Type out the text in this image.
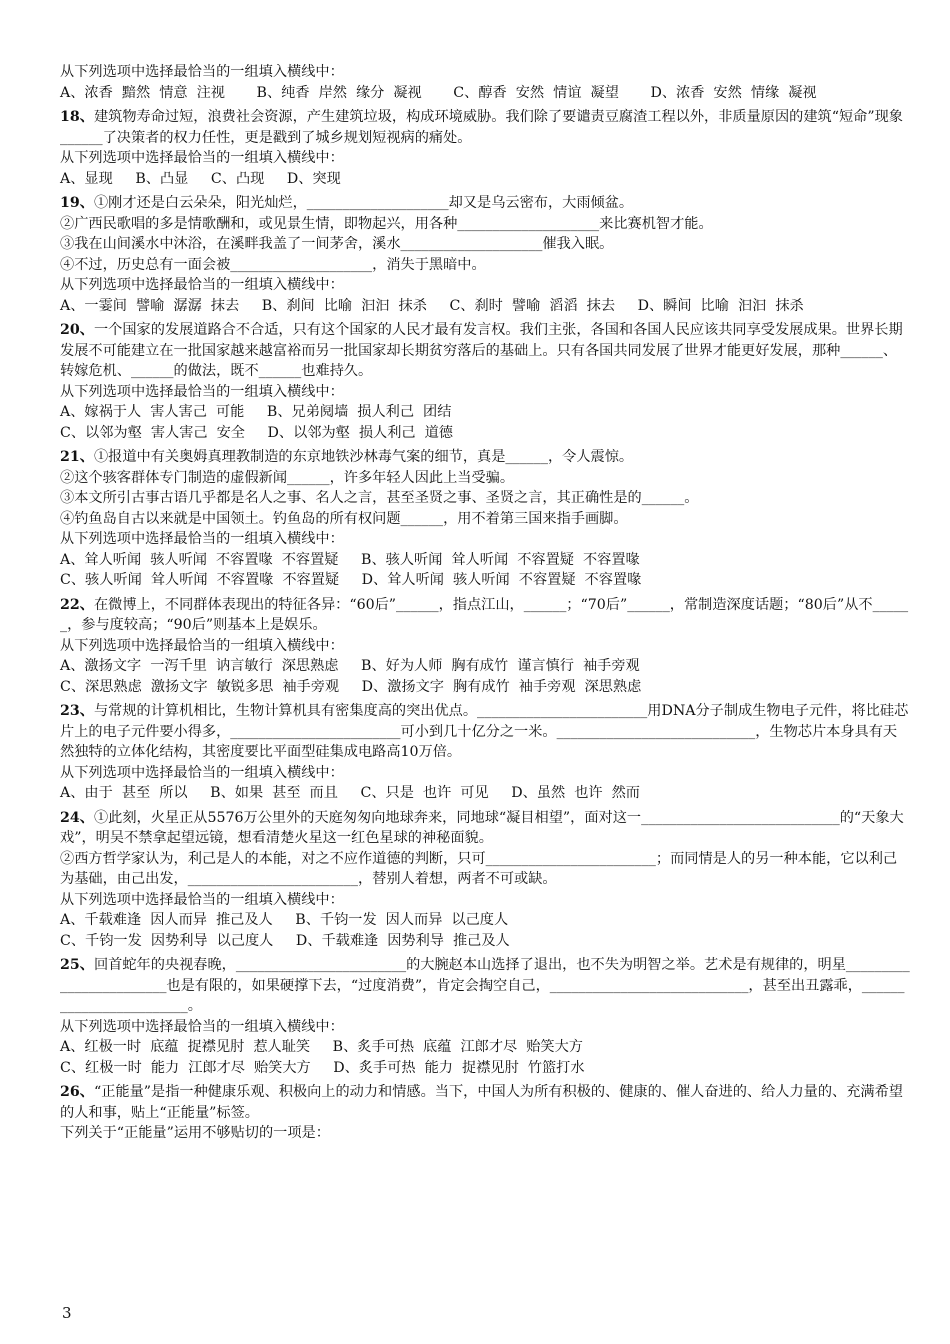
从下列选项中选择最恰当的一组填入横线中：

A、浓香  黯然  情意  注视       B、纯香  岸然  缘分  凝视       C、醇香  安然  情谊  凝望       D、浓香  安然  情缘  凝视

18、建筑物寿命过短，浪费社会资源，产生建筑垃圾，构成环境威胁。我们除了要谴责豆腐渣工程以外，非质量原因的建筑“短命”现象______了决策者的权力任性，更是戳到了城乡规划短视病的痛处。

从下列选项中选择最恰当的一组填入横线中：

A、显现     B、凸显     C、凸现     D、突现

19、①刚才还是白云朵朵，阳光灿烂，____________________却又是乌云密布，大雨倾盆。

②广西民歌唱的多是情歌酬和，或见景生情，即物起兴，用各种____________________来比赛机智才能。

③我在山间溪水中沐浴，在溪畔我盖了一间茅舍，溪水____________________催我入眠。

④不过，历史总有一面会被____________________，消失于黑暗中。

从下列选项中选择最恰当的一组填入横线中：

A、一霎间  譬喻  潺潺  抹去     B、刹间  比喻  汩汩  抹杀     C、刹时  譬喻  滔滔  抹去     D、瞬间  比喻  汩汩  抹杀

20、一个国家的发展道路合不合适，只有这个国家的人民才最有发言权。我们主张，各国和各国人民应该共同享受发展成果。世界长期发展不可能建立在一批国家越来越富裕而另一批国家却长期贫穷落后的基础上。只有各国共同发展了世界才能更好发展，那种______、转嫁危机、______的做法，既不______也难持久。

从下列选项中选择最恰当的一组填入横线中：

A、嫁祸于人  害人害己  可能     B、兄弟阋墙  损人利己  团结

C、以邻为壑  害人害己  安全     D、以邻为壑  损人利己  道德

21、①报道中有关奥姆真理教制造的东京地铁沙林毒气案的细节，真是______，令人震惊。

②这个骇客群体专门制造的虚假新闻______，许多年轻人因此上当受骗。

③本文所引古事古语几乎都是名人之事、名人之言，甚至圣贤之事、圣贤之言，其正确性是的______。

④钓鱼岛自古以来就是中国领土。钓鱼岛的所有权问题______，用不着第三国来指手画脚。

从下列选项中选择最恰当的一组填入横线中：

A、耸人听闻  骇人听闻  不容置喙  不容置疑     B、骇人听闻  耸人听闻  不容置疑  不容置喙

C、骇人听闻  耸人听闻  不容置喙  不容置疑     D、耸人听闻  骇人听闻  不容置疑  不容置喙

22、在微博上，不同群体表现出的特征各异：“60后”______，指点江山，______；“70后”______，常制造深度话题；“80后”从不______，参与度较高；“90后”则基本上是娱乐。

从下列选项中选择最恰当的一组填入横线中：

A、激扬文字  一泻千里  讷言敏行  深思熟虑     B、好为人师  胸有成竹  谨言慎行  袖手旁观

C、深思熟虑  激扬文字  敏锐多思  袖手旁观     D、激扬文字  胸有成竹  袖手旁观  深思熟虑

23、与常规的计算机相比，生物计算机具有密集度高的突出优点。________________________用DNA分子制成生物电子元件，将比硅芯片上的电子元件要小得多，________________________可小到几十亿分之一米。____________________________，生物芯片本身具有天然独特的立体化结构，其密度要比平面型硅集成电路高10万倍。

从下列选项中选择最恰当的一组填入横线中：

A、由于  甚至  所以     B、如果  甚至  而且     C、只是  也许  可见     D、虽然  也许  然而

24、①此刻，火星正从5576万公里外的天庭匆匆向地球奔来，同地球“凝目相望”，面对这一____________________________的“天象大戏”，明吴不禁拿起望远镜，想看清楚火星这一红色星球的神秘面貌。

②西方哲学家认为，利己是人的本能，对之不应作道德的判断，只可________________________；而同情是人的另一种本能，它以利己为基础，由己出发，________________________，替别人着想，两者不可或缺。

从下列选项中选择最恰当的一组填入横线中：

A、千载难逢  因人而异  推己及人     B、千钧一发  因人而异  以己度人

C、千钧一发  因势利导  以己度人     D、千载难逢  因势利导  推己及人

25、回首蛇年的央视春晚，________________________的大腕赵本山选择了退出，也不失为明智之举。艺术是有规律的，明星________________________也是有限的，如果硬撑下去，“过度消费”，肯定会掏空自己，____________________________，甚至出丑露乖，________________________。

从下列选项中选择最恰当的一组填入横线中：

A、红极一时  底蕴  捉襟见肘  惹人耻笑     B、炙手可热  底蕴  江郎才尽  贻笑大方

C、红极一时  能力  江郎才尽  贻笑大方     D、炙手可热  能力  捉襟见肘  竹篮打水

26、“正能量”是指一种健康乐观、积极向上的动力和情感。当下，中国人为所有积极的、健康的、催人奋进的、给人力量的、充满希望的人和事，贴上“正能量”标签。

下列关于“正能量”运用不够贴切的一项是：

3
